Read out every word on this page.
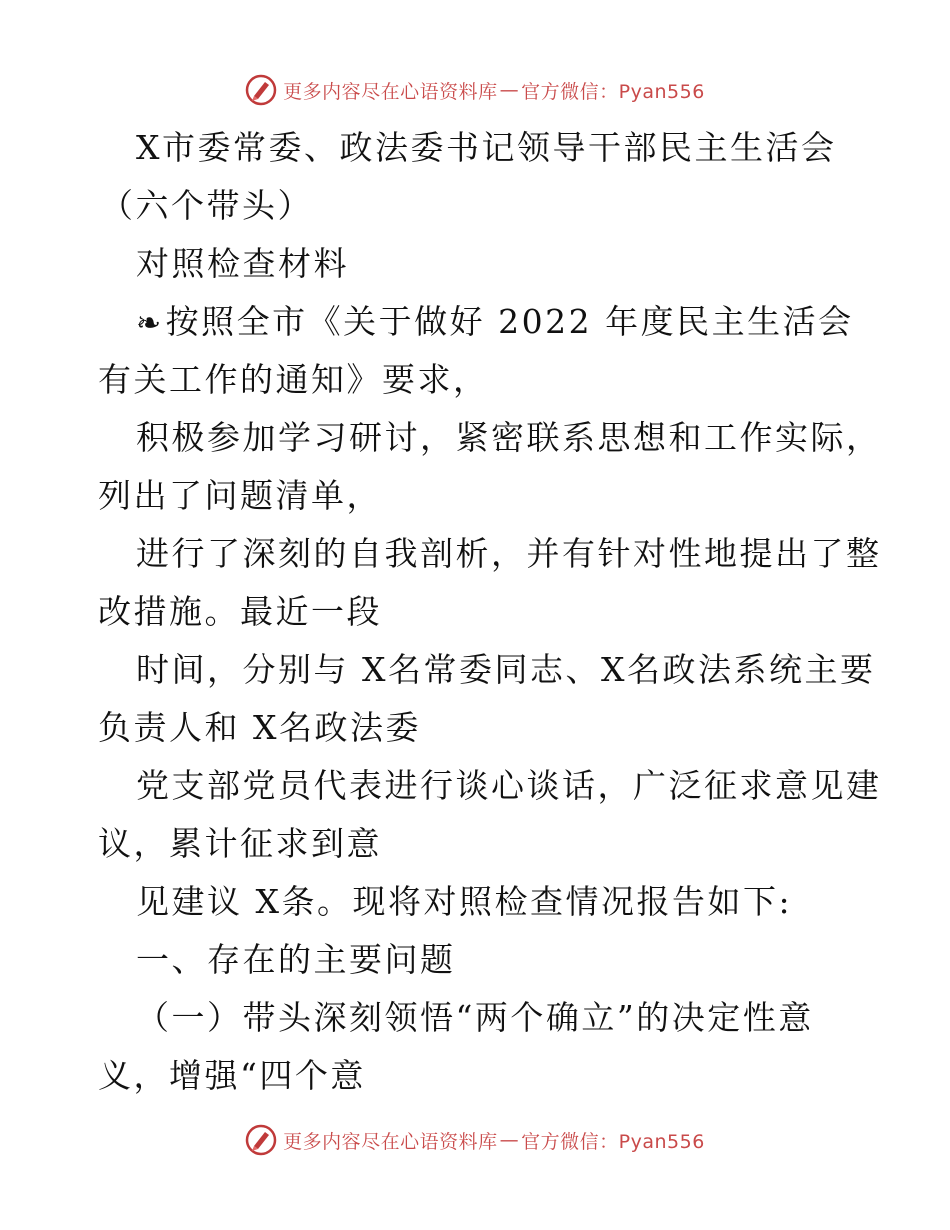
更多内容尽在心语资料库 — 官方微信：Pyan556
X市委常委、政法委书记领导干部民主生活会
（六个带头）
对照检查材料
❧按照全市《关于做好 2022 年度民主生活会
有关工作的通知》要求，
积极参加学习研讨，紧密联系思想和工作实际，
列出了问题清单，
进行了深刻的自我剖析，并有针对性地提出了整
改措施。最近一段
时间，分别与 X名常委同志、X名政法系统主要
负责人和 X名政法委
党支部党员代表进行谈心谈话，广泛征求意见建
议，累计征求到意
见建议 X条。现将对照检查情况报告如下:
一、存在的主要问题
（一）带头深刻领悟“两个确立”的决定性意
义，增强“四个意
更多内容尽在心语资料库 — 官方微信：Pyan556
